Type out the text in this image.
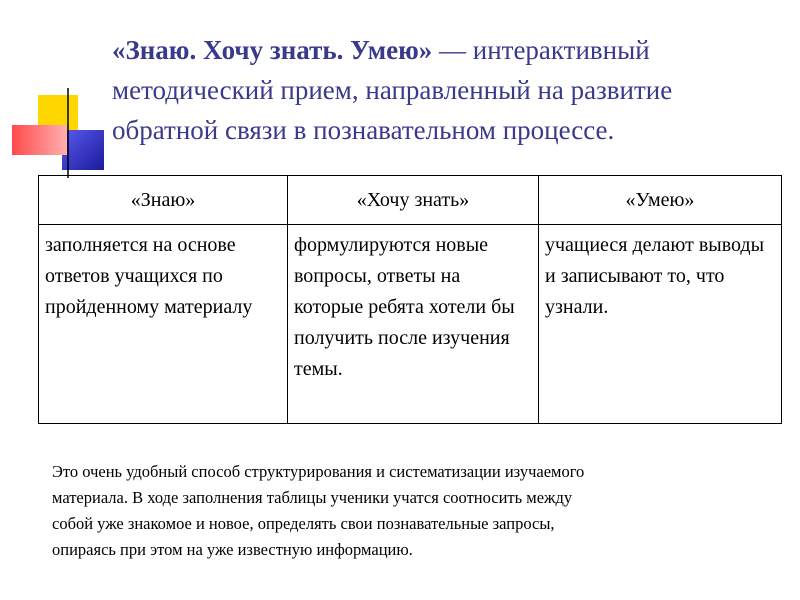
«Знаю. Хочу знать. Умею» — интерактивный методический прием, направленный на развитие обратной связи в познавательном процессе.
«Знаю»	«Хочу знать»	«Умею»
заполняется на основе ответов учащихся по пройденному материалу	формулируются новые вопросы, ответы на которые ребята хотели бы получить после изучения темы.	учащиеся делают выводы и записывают то, что узнали.
Это очень удобный способ структурирования и систематизации изучаемого
материала. В ходе заполнения таблицы ученики учатся соотносить между
собой уже знакомое и новое, определять свои познавательные запросы,
опираясь при этом на уже известную информацию.
